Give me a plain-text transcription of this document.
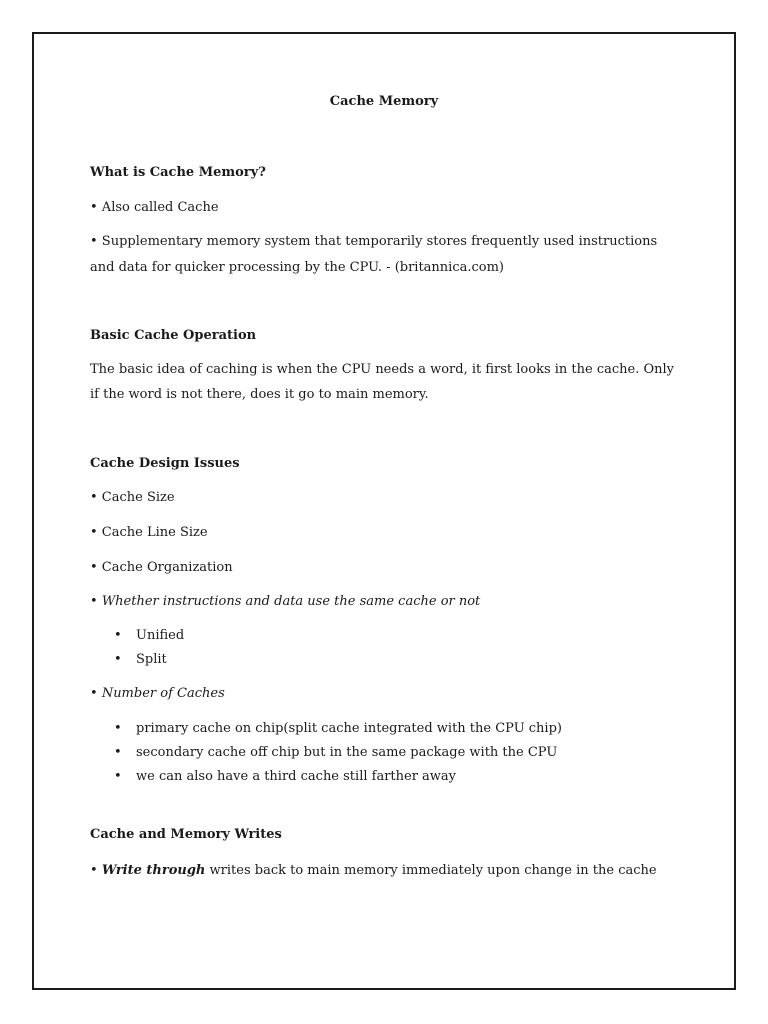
Cache Memory
What is Cache Memory?
• Also called Cache
• Supplementary memory system that temporarily stores frequently used instructions
and data for quicker processing by the CPU. - (britannica.com)
Basic Cache Operation
The basic idea of caching is when the CPU needs a word, it first looks in the cache. Only
if the word is not there, does it go to main memory.
Cache Design Issues
• Cache Size
• Cache Line Size
• Cache Organization
• Whether instructions and data use the same cache or not
• Unified
• Split
• Number of Caches
• primary cache on chip(split cache integrated with the CPU chip)
• secondary cache off chip but in the same package with the CPU
• we can also have a third cache still farther away
Cache and Memory Writes
• Write through writes back to main memory immediately upon change in the cache
